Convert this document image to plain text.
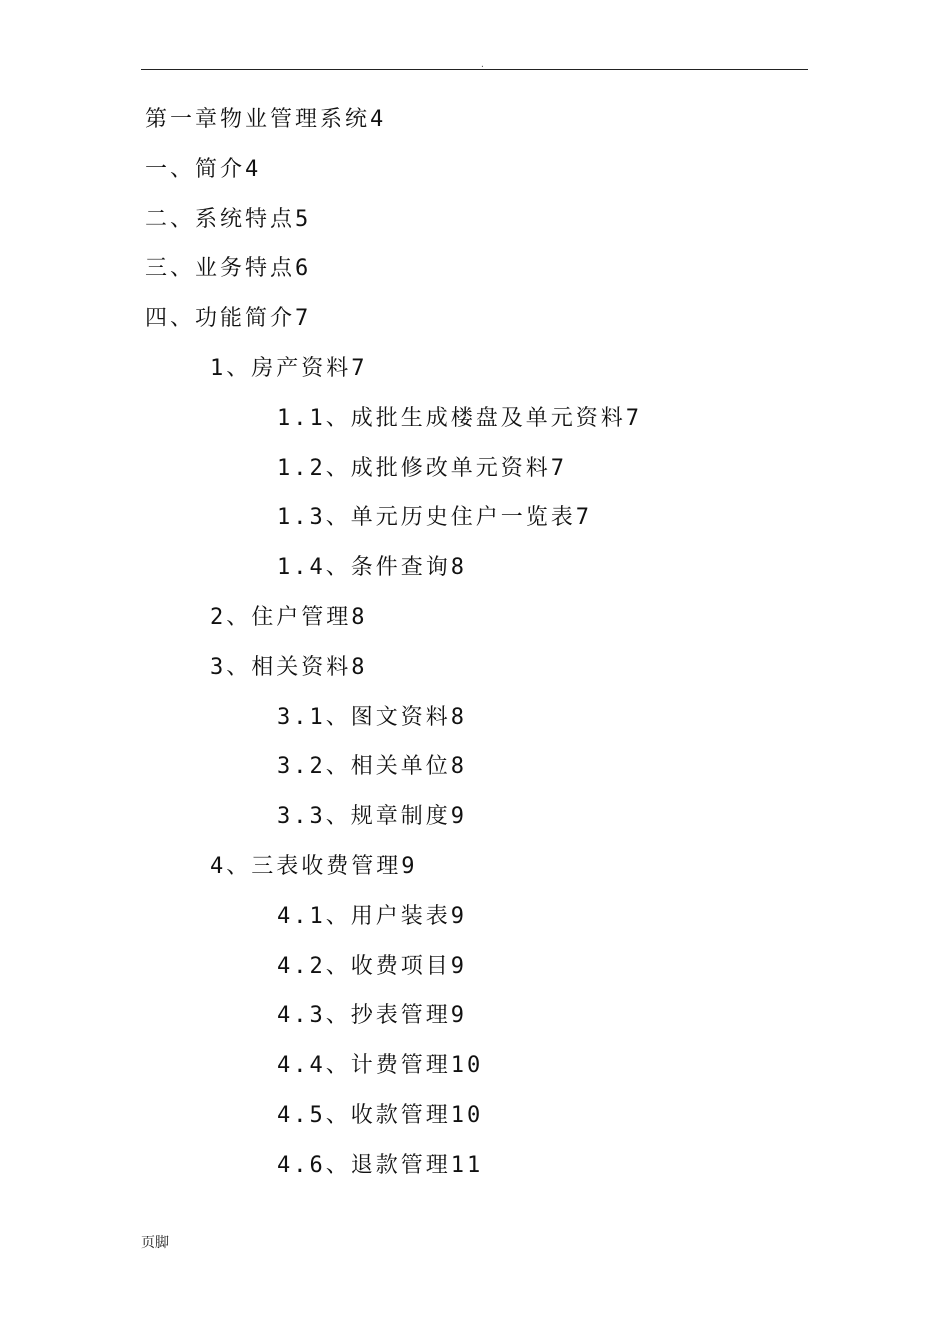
.
第一章物业管理系统4
一、简介4
二、系统特点5
三、业务特点6
四、功能简介7
1、房产资料7
1.1、成批生成楼盘及单元资料7
1.2、成批修改单元资料7
1.3、单元历史住户一览表7
1.4、条件查询8
2、住户管理8
3、相关资料8
3.1、图文资料8
3.2、相关单位8
3.3、规章制度9
4、三表收费管理9
4.1、用户装表9
4.2、收费项目9
4.3、抄表管理9
4.4、计费管理10
4.5、收款管理10
4.6、退款管理11
页脚
